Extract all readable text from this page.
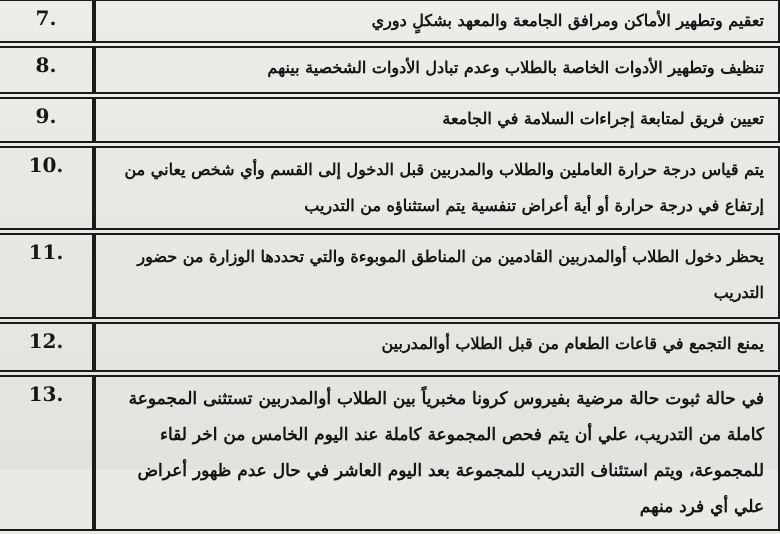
تعقيم وتطهير الأماكن ومرافق الجامعة والمعهد بشكلٍ دوري	7.
تنظيف وتطهير الأدوات الخاصة بالطلاب وعدم تبادل الأدوات الشخصية بينهم	8.
تعيين فريق لمتابعة إجراءات السلامة في الجامعة	9.
يتم قياس درجة حرارة العاملين والطلاب والمدربين قبل الدخول إلى القسم وأي شخص يعاني من إرتفاع في درجة حرارة أو أية أعراض تنفسية يتم استثناؤه من التدريب	10.
يحظر دخول الطلاب أوالمدربين القادمين من المناطق الموبوءة والتي تحددها الوزارة من حضور التدريب	11.
يمنع التجمع في قاعات الطعام من قبل الطلاب أوالمدربين	12.
في حالة ثبوت حالة مرضية بفيروس كرونا مخبرياً بين الطلاب أوالمدربين تستثنى المجموعة كاملة من التدريب، علي أن يتم فحص المجموعة كاملة عند اليوم الخامس من اخر لقاء للمجموعة، ويتم استئناف التدريب للمجموعة بعد اليوم العاشر في حال عدم ظهور أعراض علي أي فرد منهم	13.
